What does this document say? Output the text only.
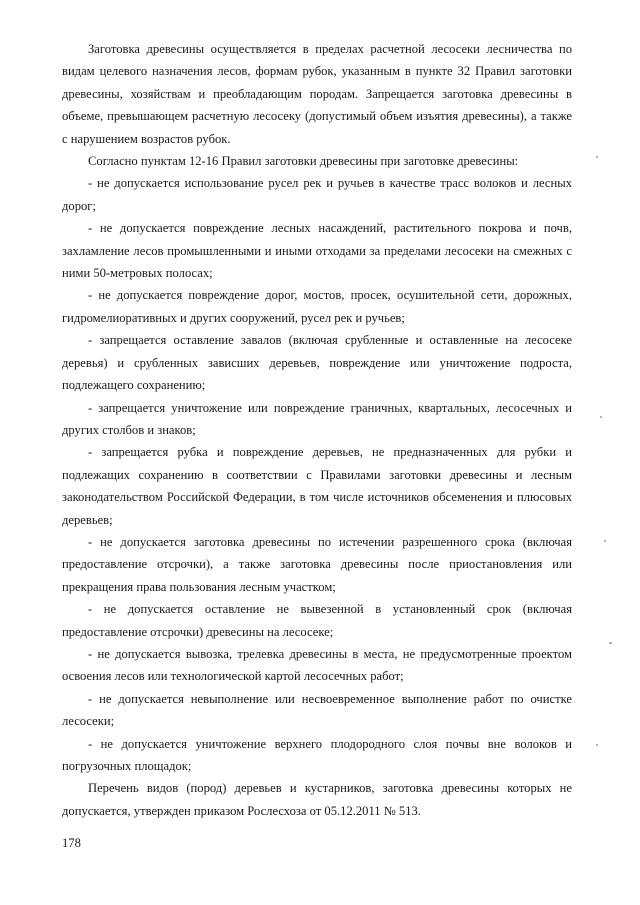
Заготовка древесины осуществляется в пределах расчетной лесосеки лесничества по видам целевого назначения лесов, формам рубок, указанным в пункте 32 Правил заготовки древесины, хозяйствам и преобладающим породам. Запрещается заготовка древесины в объеме, превышающем расчетную лесосеку (допустимый объем изъятия древесины), а также с нарушением возрастов рубок.

Согласно пунктам 12-16 Правил заготовки древесины при заготовке древесины:

- не допускается использование русел рек и ручьев в качестве трасс волоков и лесных дорог;

- не допускается повреждение лесных насаждений, растительного покрова и почв, захламление лесов промышленными и иными отходами за пределами лесосеки на смежных с ними 50-метровых полосах;

- не допускается повреждение дорог, мостов, просек, осушительной сети, дорожных, гидромелиоративных и других сооружений, русел рек и ручьев;

- запрещается оставление завалов (включая срубленные и оставленные на лесосеке деревья) и срубленных зависших деревьев, повреждение или уничтожение подроста, подлежащего сохранению;

- запрещается уничтожение или повреждение граничных, квартальных, лесосечных и других столбов и знаков;

- запрещается рубка и повреждение деревьев, не предназначенных для рубки и подлежащих сохранению в соответствии с Правилами заготовки древесины и лесным законодательством Российской Федерации, в том числе источников обсеменения и плюсовых деревьев;

- не допускается заготовка древесины по истечении разрешенного срока (включая предоставление отсрочки), а также заготовка древесины после приостановления или прекращения права пользования лесным участком;

- не допускается оставление не вывезенной в установленный срок (включая предоставление отсрочки) древесины на лесосеке;

- не допускается вывозка, трелевка древесины в места, не предусмотренные проектом освоения лесов или технологической картой лесосечных работ;

- не допускается невыполнение или несвоевременное выполнение работ по очистке лесосеки;

- не допускается уничтожение верхнего плодородного слоя почвы вне волоков и погрузочных площадок;

Перечень видов (пород) деревьев и кустарников, заготовка древесины которых не допускается, утвержден приказом Рослесхоза от 05.12.2011 № 513.

178
